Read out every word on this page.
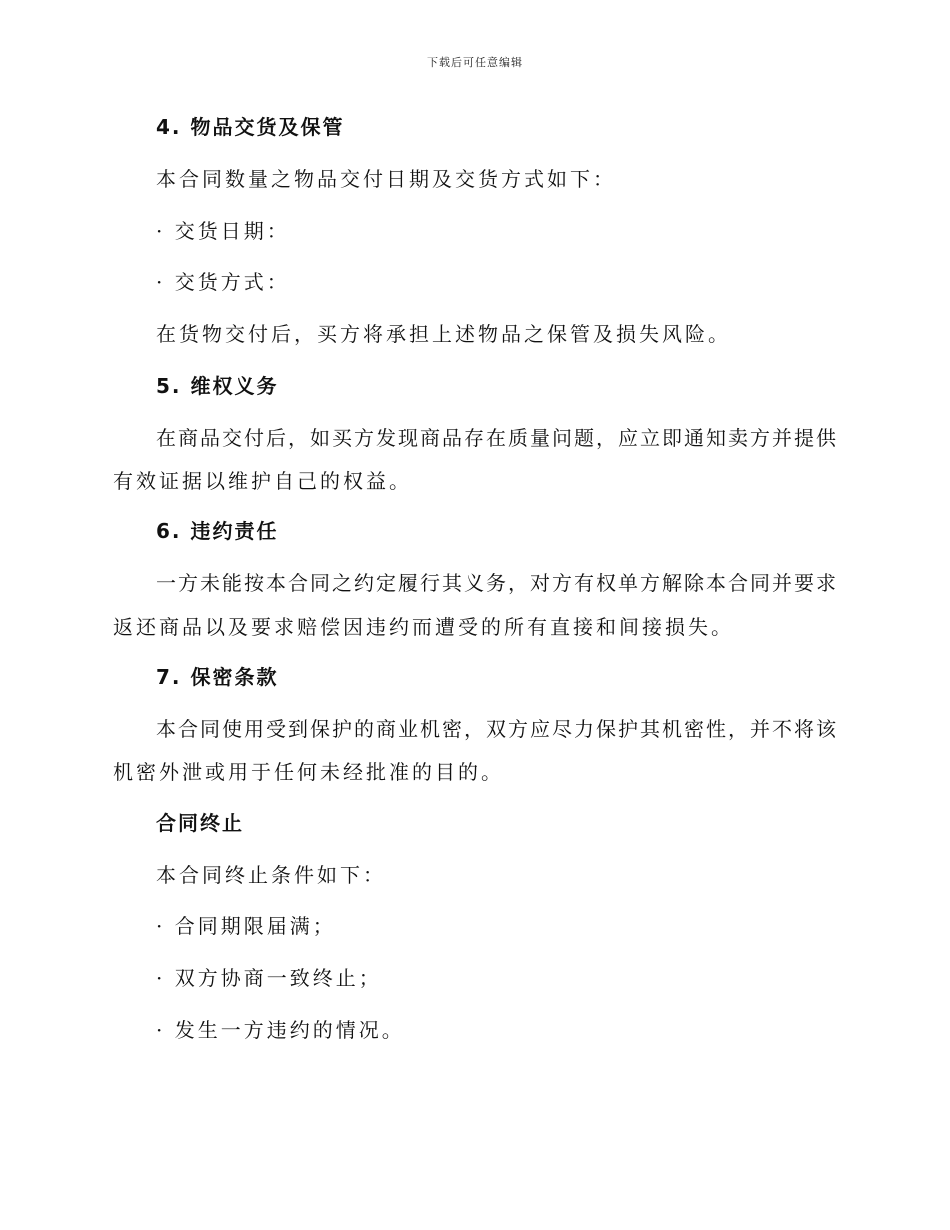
下载后可任意编辑
4. 物品交货及保管
本合同数量之物品交付日期及交货方式如下：
· 交货日期：
· 交货方式：
在货物交付后，买方将承担上述物品之保管及损失风险。
5. 维权义务
在商品交付后，如买方发现商品存在质量问题，应立即通知卖方并提供
有效证据以维护自己的权益。
6. 违约责任
一方未能按本合同之约定履行其义务，对方有权单方解除本合同并要求
返还商品以及要求赔偿因违约而遭受的所有直接和间接损失。
7. 保密条款
本合同使用受到保护的商业机密，双方应尽力保护其机密性，并不将该
机密外泄或用于任何未经批准的目的。
合同终止
本合同终止条件如下：
· 合同期限届满；
· 双方协商一致终止；
· 发生一方违约的情况。
